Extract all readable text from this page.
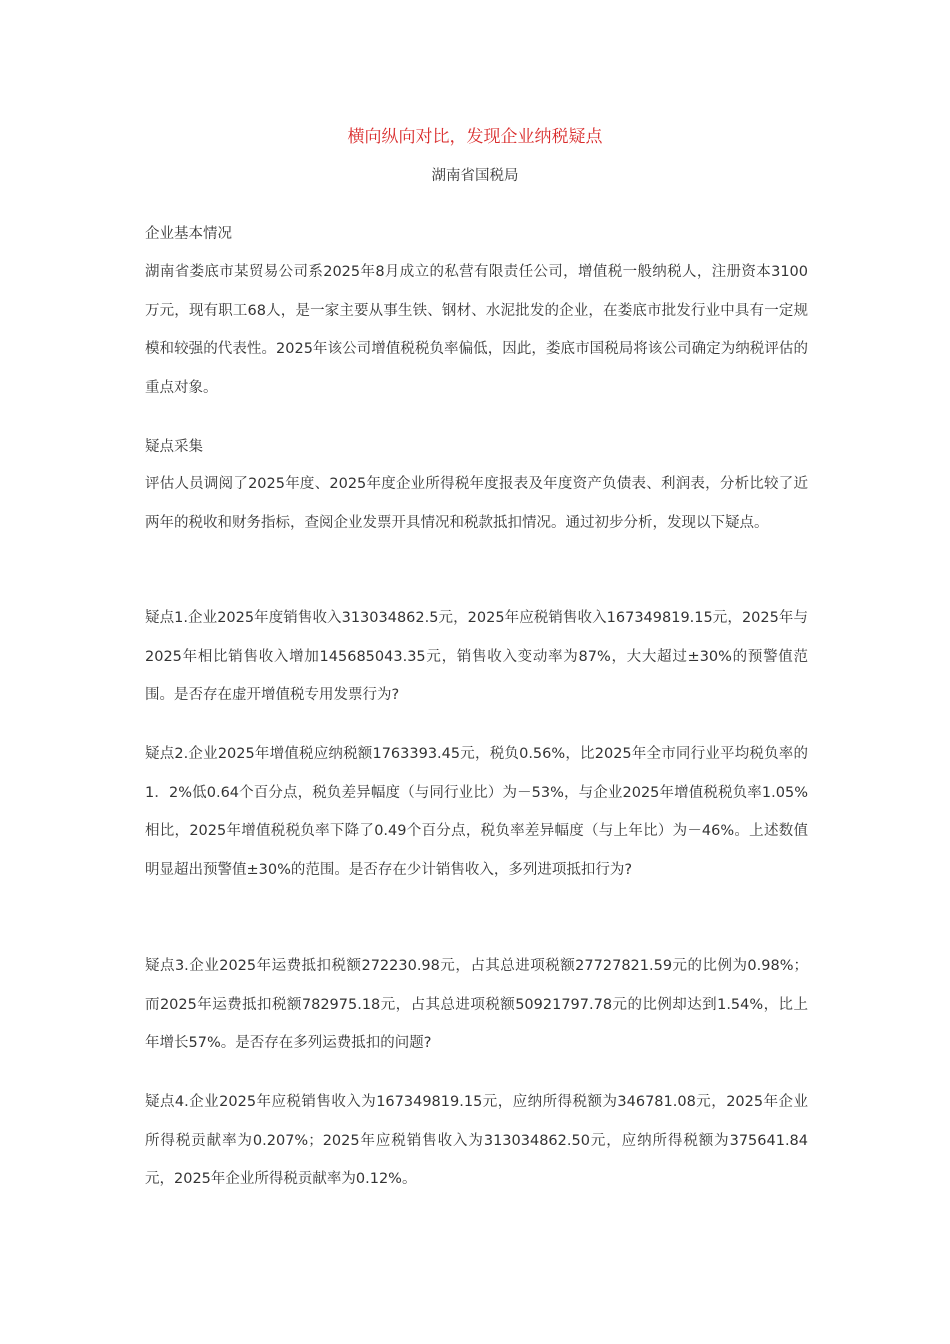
横向纵向对比，发现企业纳税疑点
湖南省国税局
企业基本情况
湖南省娄底市某贸易公司系2025年8月成立的私营有限责任公司，增值税一般纳税人，注册资本3100万元，现有职工68人，是一家主要从事生铁、钢材、水泥批发的企业，在娄底市批发行业中具有一定规模和较强的代表性。2025年该公司增值税税负率偏低，因此，娄底市国税局将该公司确定为纳税评估的重点对象。
疑点采集
评估人员调阅了2025年度、2025年度企业所得税年度报表及年度资产负债表、利润表，分析比较了近两年的税收和财务指标，查阅企业发票开具情况和税款抵扣情况。通过初步分析，发现以下疑点。
疑点1.企业2025年度销售收入313034862.5元，2025年应税销售收入167349819.15元，2025年与2025年相比销售收入增加145685043.35元，销售收入变动率为87%，大大超过±30%的预警值范围。是否存在虚开增值税专用发票行为?
疑点2.企业2025年增值税应纳税额1763393.45元，税负0.56%，比2025年全市同行业平均税负率的1．2%低0.64个百分点，税负差异幅度（与同行业比）为－53%，与企业2025年增值税税负率1.05%相比，2025年增值税税负率下降了0.49个百分点，税负率差异幅度（与上年比）为－46%。上述数值明显超出预警值±30%的范围。是否存在少计销售收入，多列进项抵扣行为?
疑点3.企业2025年运费抵扣税额272230.98元，占其总进项税额27727821.59元的比例为0.98%；而2025年运费抵扣税额782975.18元，占其总进项税额50921797.78元的比例却达到1.54%，比上年增长57%。是否存在多列运费抵扣的问题?
疑点4.企业2025年应税销售收入为167349819.15元，应纳所得税额为346781.08元，2025年企业所得税贡献率为0.207%；2025年应税销售收入为313034862.50元，应纳所得税额为375641.84元，2025年企业所得税贡献率为0.12%。
